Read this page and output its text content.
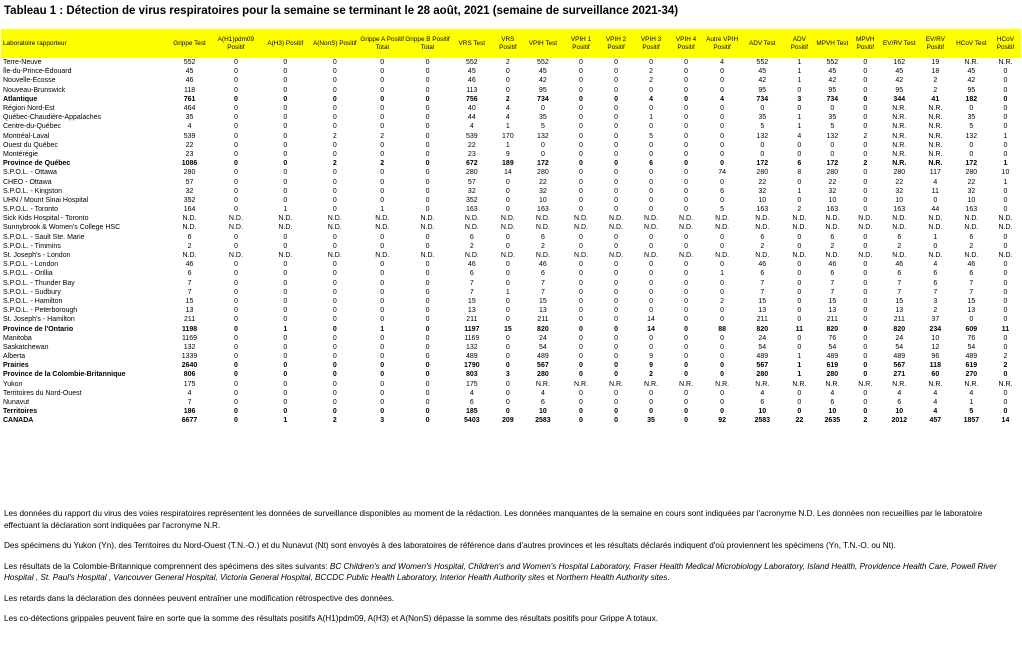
Tableau 1 : Détection de virus respiratoires pour la semaine se terminant le 28 août, 2021 (semaine de surveillance 2021-34)
Laboratoire rapporteur	Grippe Test	A(H1)pdm09 Positif	A(H3) Positif	A(NonS) Positif	Grippe A Positif Total	Grippe B Positif Total	VRS Test	VRS Positif	VPIH Test	VPIH 1 Positif	VPIH 2 Positif	VPIH 3 Positif	VPIH 4 Positif	Autre VPIH Positif	ADV Test	ADV Positif	MPVH Test	MPVH Positif	EV/RV Test	EV/RV Positif	HCoV Test	HCoV Positif
Terre-Neuve	552	0	0	0	0	0	552	2	552	0	0	0	0	4	552	1	552	0	162	19	N.R.	N.R.
Île-du-Prince-Édouard	45	0	0	0	0	0	45	0	45	0	0	2	0	0	45	1	45	0	45	18	45	0
Nouvelle-Écosse	46	0	0	0	0	0	46	0	42	0	0	2	0	0	42	1	42	0	42	2	42	0
Nouveau-Brunswick	118	0	0	0	0	0	113	0	95	0	0	0	0	0	95	0	95	0	95	2	95	0
Atlantique	761	0	0	0	0	0	756	2	734	0	0	4	0	4	734	3	734	0	344	41	182	0
Région Nord-Est	464	0	0	0	0	0	40	4	0	0	0	0	0	0	0	0	0	0	N.R.	N.R.	0	0
Québec-Chaudière-Appalaches	35	0	0	0	0	0	44	4	35	0	0	1	0	0	35	1	35	0	N.R.	N.R.	35	0
Centre-du-Québec	4	0	0	0	0	0	4	1	5	0	0	0	0	0	5	1	5	0	N.R.	N.R.	5	0
Montréal-Laval	539	0	0	2	2	0	539	170	132	0	0	5	0	0	132	4	132	2	N.R.	N.R.	132	1
Ouest du Québec	22	0	0	0	0	0	22	1	0	0	0	0	0	0	0	0	0	0	N.R.	N.R.	0	0
Montérégie	23	0	0	0	0	0	23	9	0	0	0	0	0	0	0	0	0	0	N.R.	N.R.	0	0
Province de Québec	1086	0	0	2	2	0	672	189	172	0	0	6	0	0	172	6	172	2	N.R.	N.R.	172	1
S.P.O.L. - Ottawa	280	0	0	0	0	0	280	14	280	0	0	0	0	74	280	8	280	0	280	117	280	10
CHEO - Ottawa	57	0	0	0	0	0	57	0	22	0	0	0	0	0	22	0	22	0	22	4	22	1
S.P.O.L. - Kingston	32	0	0	0	0	0	32	0	32	0	0	0	0	6	32	1	32	0	32	11	32	0
UHN / Mount Sinai Hospital	352	0	0	0	0	0	352	0	10	0	0	0	0	0	10	0	10	0	10	0	10	0
S.P.O.L. - Toronto	164	0	1	0	1	0	163	0	163	0	0	0	0	5	163	2	163	0	163	44	163	0
Sick Kids Hospital - Toronto	N.D.	N.D.	N.D.	N.D.	N.D.	N.D.	N.D.	N.D.	N.D.	N.D.	N.D.	N.D.	N.D.	N.D.	N.D.	N.D.	N.D.	N.D.	N.D.	N.D.	N.D.	N.D.
Sunnybrook & Women's College HSC	N.D.	N.D.	N.D.	N.D.	N.D.	N.D.	N.D.	N.D.	N.D.	N.D.	N.D.	N.D.	N.D.	N.D.	N.D.	N.D.	N.D.	N.D.	N.D.	N.D.	N.D.	N.D.
S.P.O.L. - Sault Ste. Marie	6	0	0	0	0	0	6	0	6	0	0	0	0	0	6	0	6	0	6	1	6	0
S.P.O.L. - Timmins	2	0	0	0	0	0	2	0	2	0	0	0	0	0	2	0	2	0	2	0	2	0
St. Joseph's - London	N.D.	N.D.	N.D.	N.D.	N.D.	N.D.	N.D.	N.D.	N.D.	N.D.	N.D.	N.D.	N.D.	N.D.	N.D.	N.D.	N.D.	N.D.	N.D.	N.D.	N.D.	N.D.
S.P.O.L. - London	46	0	0	0	0	0	46	0	46	0	0	0	0	0	46	0	46	0	46	4	46	0
S.P.O.L. - Orillia	6	0	0	0	0	0	6	0	6	0	0	0	0	1	6	0	6	0	6	6	6	0
S.P.O.L. - Thunder Bay	7	0	0	0	0	0	7	0	7	0	0	0	0	0	7	0	7	0	7	6	7	0
S.P.O.L. - Sudbury	7	0	0	0	0	0	7	1	7	0	0	0	0	0	7	0	7	0	7	7	7	0
S.P.O.L. - Hamilton	15	0	0	0	0	0	15	0	15	0	0	0	0	2	15	0	15	0	15	3	15	0
S.P.O.L. - Peterborough	13	0	0	0	0	0	13	0	13	0	0	0	0	0	13	0	13	0	13	2	13	0
St. Joseph's - Hamilton	211	0	0	0	0	0	211	0	211	0	0	14	0	0	211	0	211	0	211	37	0	0
Province de l'Ontario	1198	0	1	0	1	0	1197	15	820	0	0	14	0	88	820	11	820	0	820	234	609	11
Manitoba	1169	0	0	0	0	0	1169	0	24	0	0	0	0	0	24	0	76	0	24	10	76	0
Saskatchewan	132	0	0	0	0	0	132	0	54	0	0	0	0	0	54	0	54	0	54	12	54	0
Alberta	1339	0	0	0	0	0	489	0	489	0	0	9	0	0	489	1	489	0	489	96	489	2
Prairies	2640	0	0	0	0	0	1790	0	567	0	0	9	0	0	567	1	619	0	567	118	619	2
Province de la Colombie-Britannique	806	0	0	0	0	0	803	3	280	0	0	2	0	0	280	1	280	0	271	60	270	0
Yukon	175	0	0	0	0	0	175	0	N.R.	N.R.	N.R.	N.R.	N.R.	N.R.	N.R.	N.R.	N.R.	N.R.	N.R.	N.R.	N.R.	N.R.
Territoires du Nord-Ouest	4	0	0	0	0	0	4	0	4	0	0	0	0	0	4	0	4	0	4	4	4	0
Nunavut	7	0	0	0	0	0	6	0	6	0	0	0	0	0	6	0	6	0	6	4	1	0
Territoires	186	0	0	0	0	0	185	0	10	0	0	0	0	0	10	0	10	0	10	4	5	0
CANADA	6677	0	1	2	3	0	5403	209	2583	0	0	35	0	92	2583	22	2635	2	2012	457	1857	14

Les données du rapport du virus des voies respiratoires représentent les données de surveillance disponibles au moment de la rédaction. Les données manquantes de la semaine en cours sont indiquées par l'acronyme N.D. Les données non recueillies par le laboratoire effectuant la déclaration sont indiquées par l'acronyme N.R.

Des spécimens du Yukon (Yn), des Territoires du Nord-Ouest (T.N.-O.) et du Nunavut (Nt) sont envoyés à des laboratoires de référence dans d'autres provinces et les résultats déclarés indiquent d'où proviennent les spécimens (Yn, T.N.-O. ou Nt).

Les résultats de la Colombie-Britannique comprennent des spécimens des sites suivants: BC Children's and Women's Hospital, Children's and Women's Hospital Laboratory, Fraser Health Medical Microbiology Laboratory, Island Health, Providence Health Care, Powell River Hospital , St. Paul's Hospital , Vancouver General Hospital, Victoria General Hospital, BCCDC Public Health Laboratory, Interior Health Authority sites et Northern Health Authority sites.

Les retards dans la déclaration des données peuvent entraîner une modification rétrospective des données.

Les co-détections grippales peuvent faire en sorte que la somme des résultats positifs A(H1)pdm09, A(H3) et A(NonS) dépasse la somme des résultats positifs pour Grippe A totaux.
